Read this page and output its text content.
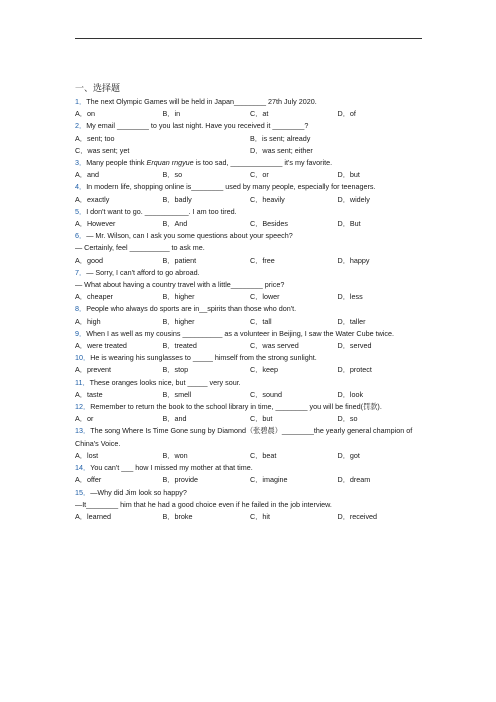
一、选择题
1．The next Olympic Games will be held in Japan________ 27th July 2020.
A．on	B．in	C．at	D．of
2．My email ________ to you last night. Have you received it ________?
A．sent; too	B．is sent; already
C．was sent; yet	D．was sent; either
3．Many people think Erquan rngyue is too sad, _____________ it's my favorite.
A．and	B．so	C．or	D．but
4．In modern life, shopping online is________ used by many people, especially for teenagers.
A．exactly	B．badly	C．heavily	D．widely
5．I don't want to go. ___________. I am too tired.
A．However	B．And	C．Besides	D．But
6．— Mr. Wilson, can I ask you some questions about your speech?
— Certainly, feel __________ to ask me.
A．good	B．patient	C．free	D．happy
7．— Sorry, I can't afford to go abroad.
— What about having a country travel with a little________ price?
A．cheaper	B．higher	C．lower	D．less
8．People who always do sports are in__spirits than those who don't.
A．high	B．higher	C．tall	D．taller
9．When I as well as my cousins __________ as a volunteer in Beijing, I saw the Water Cube twice.
A．were treated	B．treated	C．was served	D．served
10．He is wearing his sunglasses to _____ himself from the strong sunlight.
A．prevent	B．stop	C．keep	D．protect
11．These oranges looks nice, but _____ very sour.
A．taste	B．smell	C．sound	D．look
12．Remember to return the book to the school library in time, ________ you will be fined(罚款).
A．or	B．and	C．but	D．so
13．The song Where Is Time Gone sung by Diamond（张碧晨）________the yearly general champion of China's Voice.
A．lost	B．won	C．beat	D．got
14．You can't ___ how I missed my mother at that time.
A．offer	B．provide	C．imagine	D．dream
15．—Why did Jim look so happy?
—It________ him that he had a good choice even if he failed in the job interview.
A．learned	B．broke	C．hit	D．received
